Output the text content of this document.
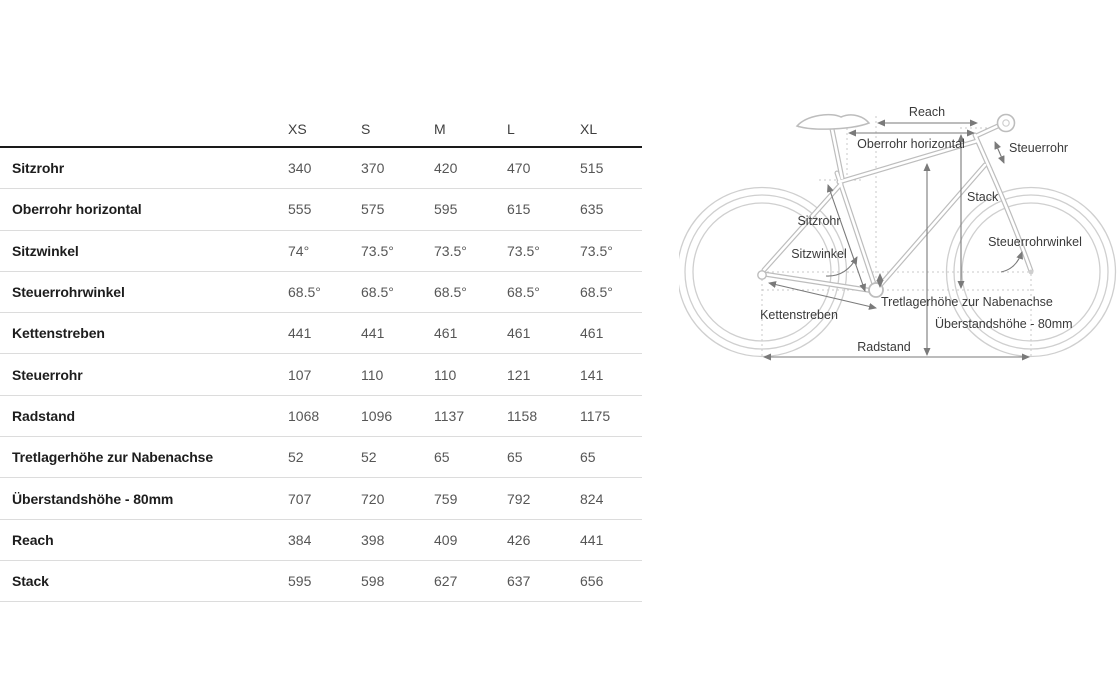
XS	S	M	L	XL
Sitzrohr	340	370	420	470	515
Oberrohr horizontal	555	575	595	615	635
Sitzwinkel	74°	73.5°	73.5°	73.5°	73.5°
Steuerrohrwinkel	68.5°	68.5°	68.5°	68.5°	68.5°
Kettenstreben	441	441	461	461	461
Steuerrohr	107	110	110	121	141
Radstand	1068	1096	1137	1158	1175
Tretlagerhöhe zur Nabenachse	52	52	65	65	65
Überstandshöhe - 80mm	707	720	759	792	824
Reach	384	398	409	426	441
Stack	595	598	627	637	656
Reach
Oberrohr horizontal	Steuerrohr
Stack
Sitzrohr
Sitzwinkel
Steuerrohrwinkel
Kettenstreben
Tretlagerhöhe zur Nabenachse
Überstandshöhe - 80mm
Radstand
